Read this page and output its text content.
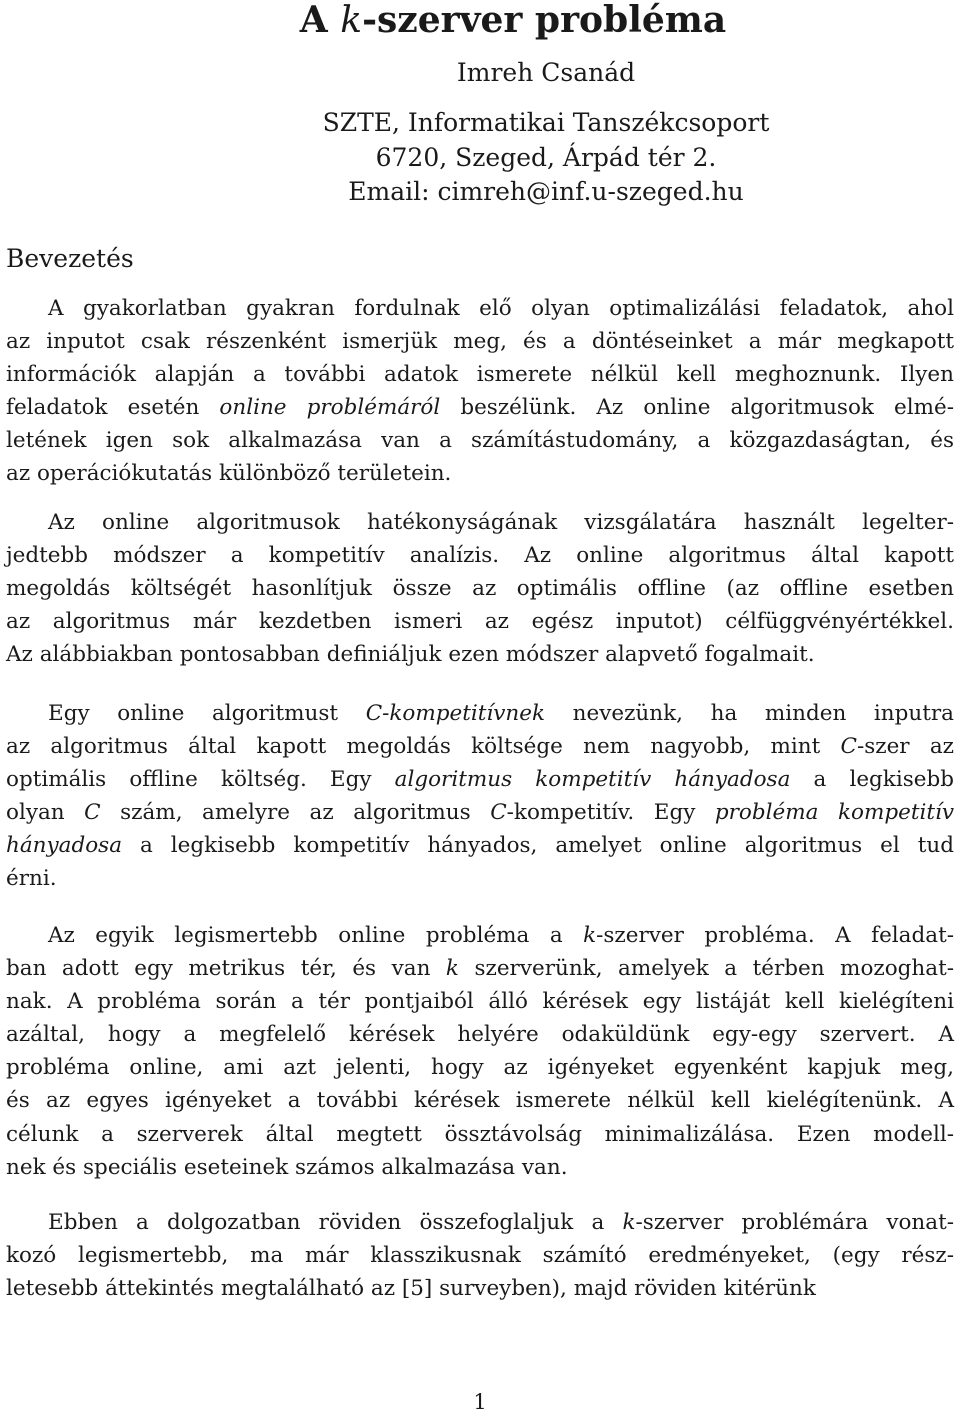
A k-szerver probléma
Imreh Csanád
SZTE, Informatikai Tanszékcsoport
6720, Szeged, Árpád tér 2.
Email: cimreh@inf.u-szeged.hu
Bevezetés
A gyakorlatban gyakran fordulnak elő olyan optimalizálási feladatok, ahol
az inputot csak részenként ismerjük meg, és a döntéseinket a már megkapott
információk alapján a további adatok ismerete nélkül kell meghoznunk. Ilyen
feladatok esetén online problémáról beszélünk. Az online algoritmusok elmé-
letének igen sok alkalmazása van a számítástudomány, a közgazdaságtan, és
az operációkutatás különböző területein.
Az online algoritmusok hatékonyságának vizsgálatára használt legelter-
jedtebb módszer a kompetitív analízis. Az online algoritmus által kapott
megoldás költségét hasonlítjuk össze az optimális offline (az offline esetben
az algoritmus már kezdetben ismeri az egész inputot) célfüggvényértékkel.
Az alábbiakban pontosabban definiáljuk ezen módszer alapvető fogalmait.
Egy online algoritmust C-kompetitívnek nevezünk, ha minden inputra
az algoritmus által kapott megoldás költsége nem nagyobb, mint C-szer az
optimális offline költség. Egy algoritmus kompetitív hányadosa a legkisebb
olyan C szám, amelyre az algoritmus C-kompetitív. Egy probléma kompetitív
hányadosa a legkisebb kompetitív hányados, amelyet online algoritmus el tud
érni.
Az egyik legismertebb online probléma a k-szerver probléma. A feladat-
ban adott egy metrikus tér, és van k szerverünk, amelyek a térben mozoghat-
nak. A probléma során a tér pontjaiból álló kérések egy listáját kell kielégíteni
azáltal, hogy a megfelelő kérések helyére odaküldünk egy-egy szervert. A
probléma online, ami azt jelenti, hogy az igényeket egyenként kapjuk meg,
és az egyes igényeket a további kérések ismerete nélkül kell kielégítenünk. A
célunk a szerverek által megtett össztávolság minimalizálása. Ezen modell-
nek és speciális eseteinek számos alkalmazása van.
Ebben a dolgozatban röviden összefoglaljuk a k-szerver problémára vonat-
kozó legismertebb, ma már klasszikusnak számító eredményeket, (egy rész-
letesebb áttekintés megtalálható az [5] surveyben), majd röviden kitérünk
1
